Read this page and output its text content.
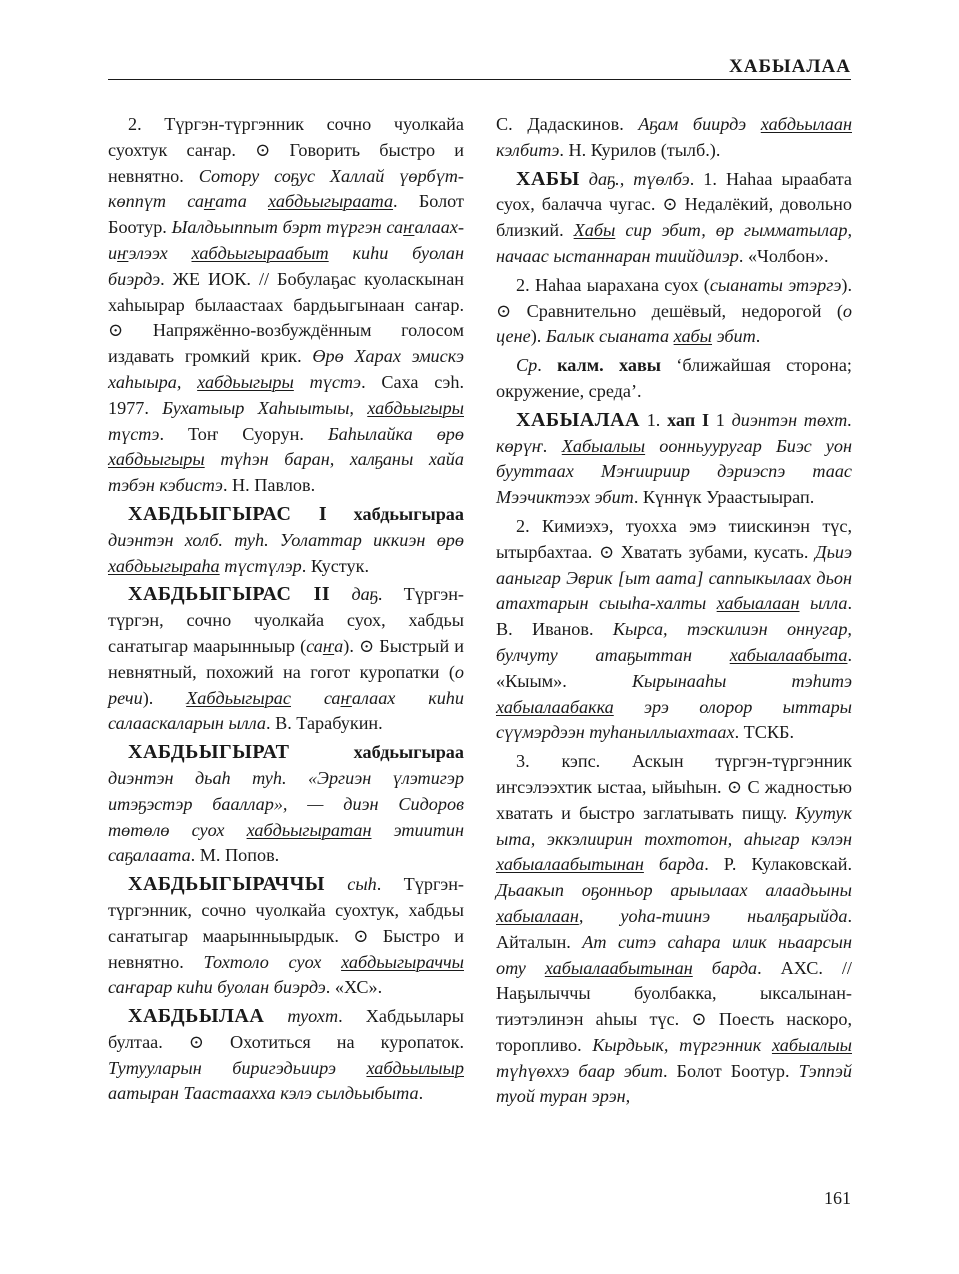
ХАБЫАЛАА

2. Түргэн-түргэнник сочно чуолкайа суохтук саҥар. ⊙ Говорить быстро и невнятно. Сотору соҕус Халлай үөрбүт-көппүт саҥата хабдьыгыраата. Болот Боотур. Ыалдьыппыт бэрт түргэн саҥалаах-иҥэлээх хабдьыгыраабыт киһи буолан биэрдэ. ЖЕ ИОК. // Бобулаҕас куоласкынан хаһыырар былаастаах бардьыгынаан саҥар. ⊙ Напряжённо-возбуждённым голосом издавать громкий крик. Өрө Харах эмискэ хаһыыра, хабдьыгыры түстэ. Саха сэһ. 1977. Бухатыыр Хаһыытыы, хабдьыгыры түстэ. Тоҥ Суорун. Баһылайка өрө хабдьыгыры түһэн баран, халҕаны хайа тэбэн кэбистэ. Н. Павлов.

ХАБДЬЫГЫРАС I хабдьыгыраа диэнтэн холб. туһ. Уолаттар иккиэн өрө хабдьыгыраһа түстүлэр. Кустук.

ХАБДЬЫГЫРАС II даҕ. Түргэн-түргэн, сочно чуолкайа суох, хабдьы саҥатыгар маарынныыр (саҥа). ⊙ Быстрый и невнятный, похожий на гогот куропатки (о речи). Хабдьыгырас саҥалаах киһи салааскаларын ылла. В. Тарабукин.

ХАБДЬЫГЫРАТ	хабдьыгыраа диэнтэн дьаһ туһ. «Эргиэн үлэтигэр итэҕэстэр бааллар», — диэн Сидоров төтөлө суох хабдьыгыратан этиитин саҕалаата. М. Попов.

ХАБДЬЫГЫРАЧЧЫ сыһ. Түргэн-түргэнник, сочно чуолкайа суохтук, хабдьы саҥатыгар маарынныырдык. ⊙ Быстро и невнятно. Тохтоло суох хабдьыгыраччы саҥарар киһи буолан биэрдэ. «ХС».

ХАБДЬЫЛАА туохт. Хабдьылары бултаа. ⊙ Охотиться на куропаток. Тутууларын биригэдьиирэ хабдьылыыр аатыран Таастаахха кэлэ сылдьыбыта.

С. Дадаскинов. Аҕам биирдэ хабдьылаан кэлбитэ. Н. Курилов (тылб.).

ХАБЫ даҕ., түөлбэ. 1. Наһаа ыраабата суох, балачча чугас. ⊙ Недалёкий, довольно близкий. Хабы сир эбит, өр гымматылар, начаас ыстаннаран тиийдилэр. «Чолбон».

2. Наһаа ыарахана суох (сыанаты этэргэ). ⊙ Сравнительно дешёвый, недорогой (о цене). Балык сыаната хабы эбит.

Ср. калм. хавы ‘ближайшая сторона; окружение, среда’.

ХАБЫАЛАА 1. хап I 1 диэнтэн төхт. көрүҥ. Хабыалыы оонньууругар Биэс уон бууттаах Мэҥиириир дэриэспэ таас Мээчиктээх эбит. Күннүк Ураастыырап.

2. Кимиэхэ, туохха эмэ тиискинэн түс, ытырбахтаа. ⊙ Хватать зубами, кусать. Дьиэ ааныгар Эврик [ыт аата] саппыкылаах дьон атахтарын сыыһа-халты хабыалаан ылла. В. Иванов. Кырса, тэскилиэн оннугар, булчуту атаҕыттан хабыалаабыта. «Кыым». Кырынааһы тэһитэ хабыалаабакка эрэ олорор ыттары сүүмэрдээн туһаныллыахтаах. ТСКБ.

3. кэпс. Аскын түргэн-түргэнник иҥсэлээхтик ыстаа, ыйыһын. ⊙ С жадностью хватать и быстро заглатывать пищу. Куутук ыта, эккэлиирин тохтотон, аһыгар кэлэн хабыалаабытынан барда. Ρ. Кулаковскай. Дьаакып оҕонньор арыылаах алаадьыны хабыалаан, уоһа-тиинэ ньалҕарыйда. Айталын. Ат ситэ саһара илик ньаарсын оту хабыалаабытынан барда. АХС. // Наҕылыччы буолбакка, ыксалынан-тиэтэлинэн аһыы түс. ⊙ Поесть наскоро, торопливо. Кырдьык, түргэнник хабыалыы түһүөххэ баар эбит. Болот Боотур. Тэппэй туой туран эрэн,

161
